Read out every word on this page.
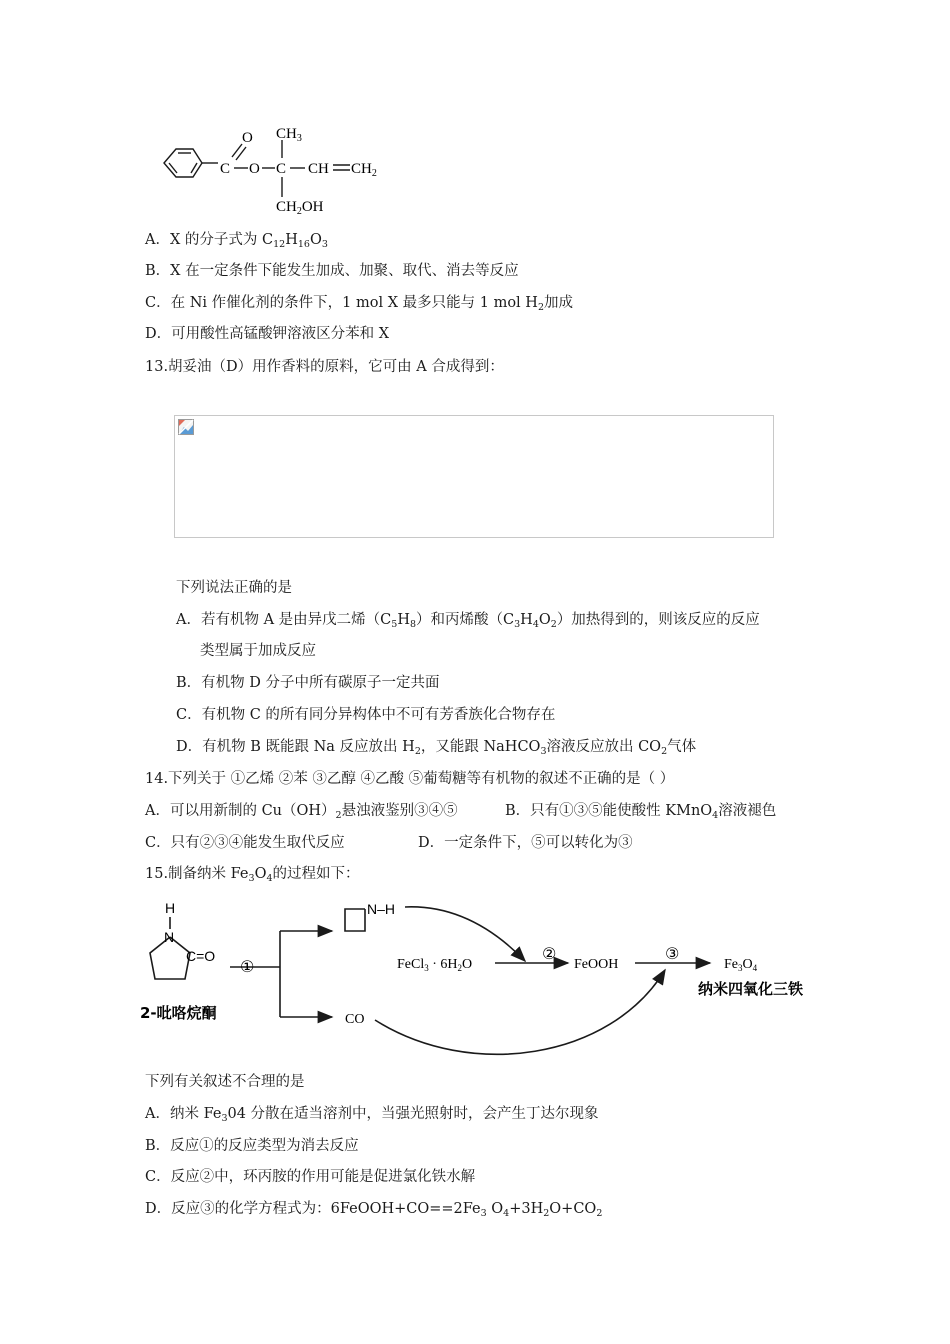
O
C O C CH $CH_2$
$CH_3$
$CH_2OH$
A．X 的分子式为 $C_{12}H_{16}O_3$
B．X 在一定条件下能发生加成、加聚、取代、消去等反应
C．在 Ni 作催化剂的条件下，1 mol X 最多只能与 1 mol $H_2$加成
D．可用酸性高锰酸钾溶液区分苯和 X
13.胡妥油（D）用作香料的原料，它可由 A 合成得到：
下列说法正确的是
A．若有机物 A 是由异戊二烯$(C_5H_8)$和丙烯酸$(C_3H_4O_2)$加热得到的，则该反应的反应
类型属于加成反应
B．有机物 D 分子中所有碳原子一定共面
C．有机物 C 的所有同分异构体中不可有芳香族化合物存在
D．有机物 B 既能跟 Na 反应放出 $H_2$，又能跟 NaHCO$_3$溶液反应放出 $CO_2$气体
14.下列关于 ①乙烯 ②苯 ③乙醇 ④乙酸 ⑤葡萄糖等有机物的叙述不正确的是（ ）
A．可以用新制的 $Cu(OH)_2$悬浊液鉴别③④⑤	B．只有①③⑤能使酸性 KMnO$_4$溶液褪色
C．只有②③④能发生取代反应	D．一定条件下，⑤可以转化为③
15.制备纳米 $Fe_3O_4$的过程如下：
H
N
C=O
2-吡咯烷酮
①
N–H
FeCl$_3$ · $6H_2O$
②
FeOOH
③
$Fe_3O_4$
纳米四氧化三铁
CO
下列有关叙述不合理的是
A．纳米 $Fe_304$ 分散在适当溶剂中，当强光照射时，会产生丁达尔现象
B．反应①的反应类型为消去反应
C．反应②中，环丙胺的作用可能是促进氯化铁水解
D．反应③的化学方程式为：$6FeOOH+CO==2Fe_3$ $O_4+3H_2O+CO_2$
